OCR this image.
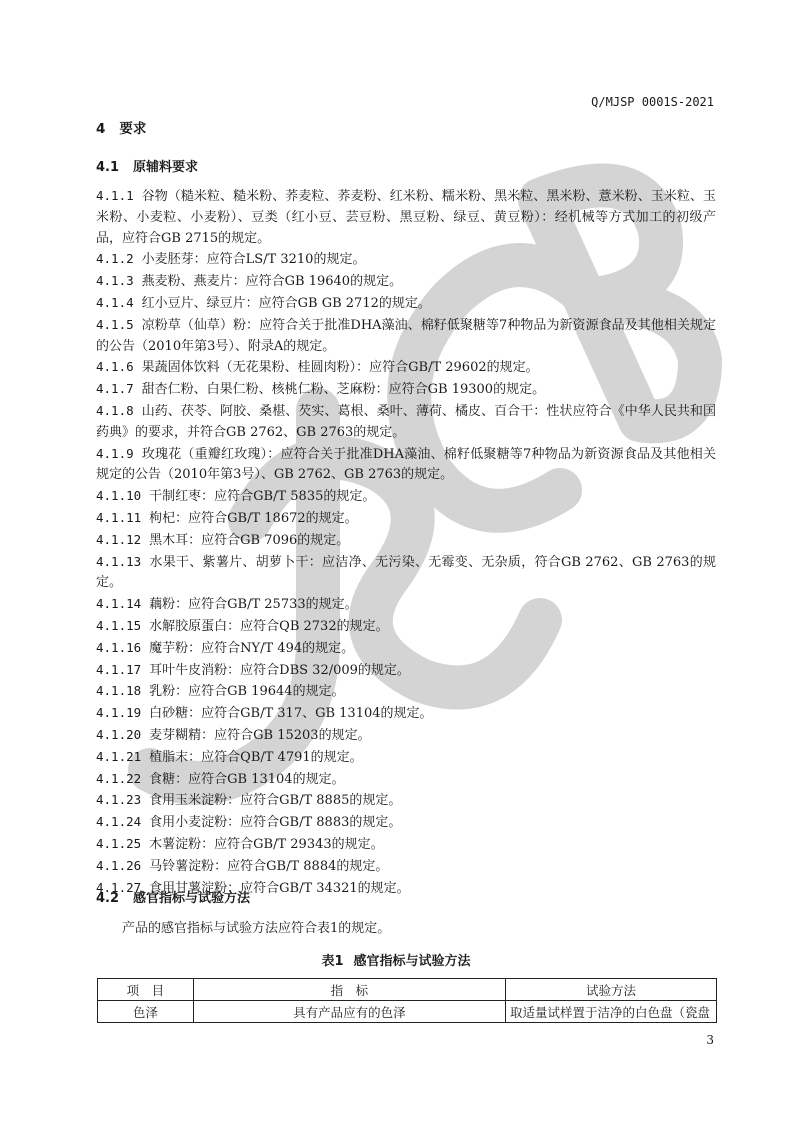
Q/MJSP 0001S-2021
4 要求
4.1 原辅料要求
4.1.1 谷物（糙米粒、糙米粉、荞麦粒、荞麦粉、红米粉、糯米粉、黑米粒、黑米粉、薏米粉、玉米粒、玉米粉、小麦粒、小麦粉）、豆类（红小豆、芸豆粉、黑豆粉、绿豆、黄豆粉）：经机械等方式加工的初级产品，应符合GB 2715的规定。
4.1.2 小麦胚芽：应符合LS/T 3210的规定。
4.1.3 燕麦粉、燕麦片：应符合GB 19640的规定。
4.1.4 红小豆片、绿豆片：应符合GB GB 2712的规定。
4.1.5 凉粉草（仙草）粉：应符合关于批准DHA藻油、棉籽低聚糖等7种物品为新资源食品及其他相关规定的公告（2010年第3号）、附录A的规定。
4.1.6 果蔬固体饮料（无花果粉、桂圆肉粉）：应符合GB/T 29602的规定。
4.1.7 甜杏仁粉、白果仁粉、核桃仁粉、芝麻粉：应符合GB 19300的规定。
4.1.8 山药、茯苓、阿胶、桑椹、芡实、葛根、桑叶、薄荷、橘皮、百合干：性状应符合《中华人民共和国药典》的要求，并符合GB 2762、GB 2763的规定。
4.1.9 玫瑰花（重瓣红玫瑰）：应符合关于批准DHA藻油、棉籽低聚糖等7种物品为新资源食品及其他相关规定的公告（2010年第3号）、GB 2762、GB 2763的规定。
4.1.10 干制红枣：应符合GB/T 5835的规定。
4.1.11 枸杞：应符合GB/T 18672的规定。
4.1.12 黑木耳：应符合GB 7096的规定。
4.1.13 水果干、紫薯片、胡萝卜干：应洁净、无污染、无霉变、无杂质，符合GB 2762、GB 2763的规定。
4.1.14 藕粉：应符合GB/T 25733的规定。
4.1.15 水解胶原蛋白：应符合QB 2732的规定。
4.1.16 魔芋粉：应符合NY/T 494的规定。
4.1.17 耳叶牛皮消粉：应符合DBS 32/009的规定。
4.1.18 乳粉：应符合GB 19644的规定。
4.1.19 白砂糖：应符合GB/T 317、GB 13104的规定。
4.1.20 麦芽糊精：应符合GB 15203的规定。
4.1.21 植脂末：应符合QB/T 4791的规定。
4.1.22 食糖：应符合GB 13104的规定。
4.1.23 食用玉米淀粉：应符合GB/T 8885的规定。
4.1.24 食用小麦淀粉：应符合GB/T 8883的规定。
4.1.25 木薯淀粉：应符合GB/T 29343的规定。
4.1.26 马铃薯淀粉：应符合GB/T 8884的规定。
4.1.27 食用甘薯淀粉：应符合GB/T 34321的规定。
4.2 感官指标与试验方法
产品的感官指标与试验方法应符合表1的规定。
表1 感官指标与试验方法
项　目	指　标	试验方法
色泽	具有产品应有的色泽	取适量试样置于洁净的白色盘（瓷盘
3
